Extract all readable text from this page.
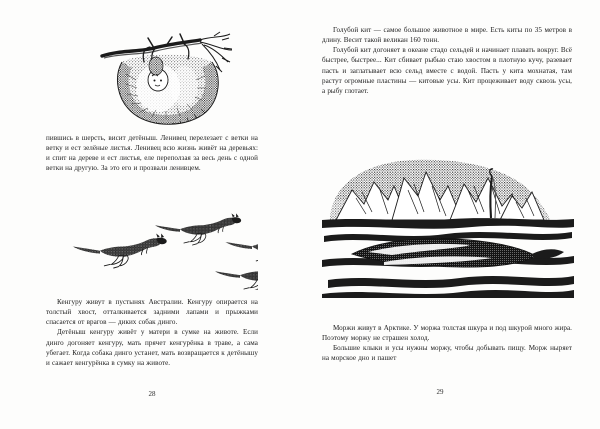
пившись в шерсть, висит детёныш. Ленивец перелезает с ветки на ветку и ест зелёные листья. Ленивец всю жизнь живёт на деревьях: и спит на дереве и ест листья, еле переползая за весь день с одной ветки на другую. За это его и прозвали ленивцем.

Кенгуру живут в пустынях Австралии. Кенгуру опирается на толстый хвост, отталкивается задними лапами и прыжками спасается от врагов — диких собак динго.

Детёныш кенгуру живёт у матери в сумке на животе. Если динго догоняет кенгуру, мать прячет кенгурёнка в траве, а сама убегает. Когда собака динго устанет, мать возвращается к детёнышу и сажает кенгурёнка в сумку на животе.

28

Голубой кит — самое большое животное в мире. Есть киты по 35 метров в длину. Весит такой великан 160 тонн.

Голубой кит догоняет в океане стадо сельдей и начинает плавать вокруг. Всё быстрее, быстрее... Кит сбивает рыбью стаю хвостом в плотную кучу, разевает пасть и заглатывает всю сельд вместе с водой. Пасть у кита мохнатая, там растут огромные пластины — китовые усы. Кит процеживает воду сквозь усы, а рыбу глотает.

Моржи живут в Арктике. У моржа толстая шкура и под шкурой много жира. Поэтому моржу не страшен холод.

Большие клыки и усы нужны моржу, чтобы добывать пищу. Морж ныряет на морское дно и пашет

29
